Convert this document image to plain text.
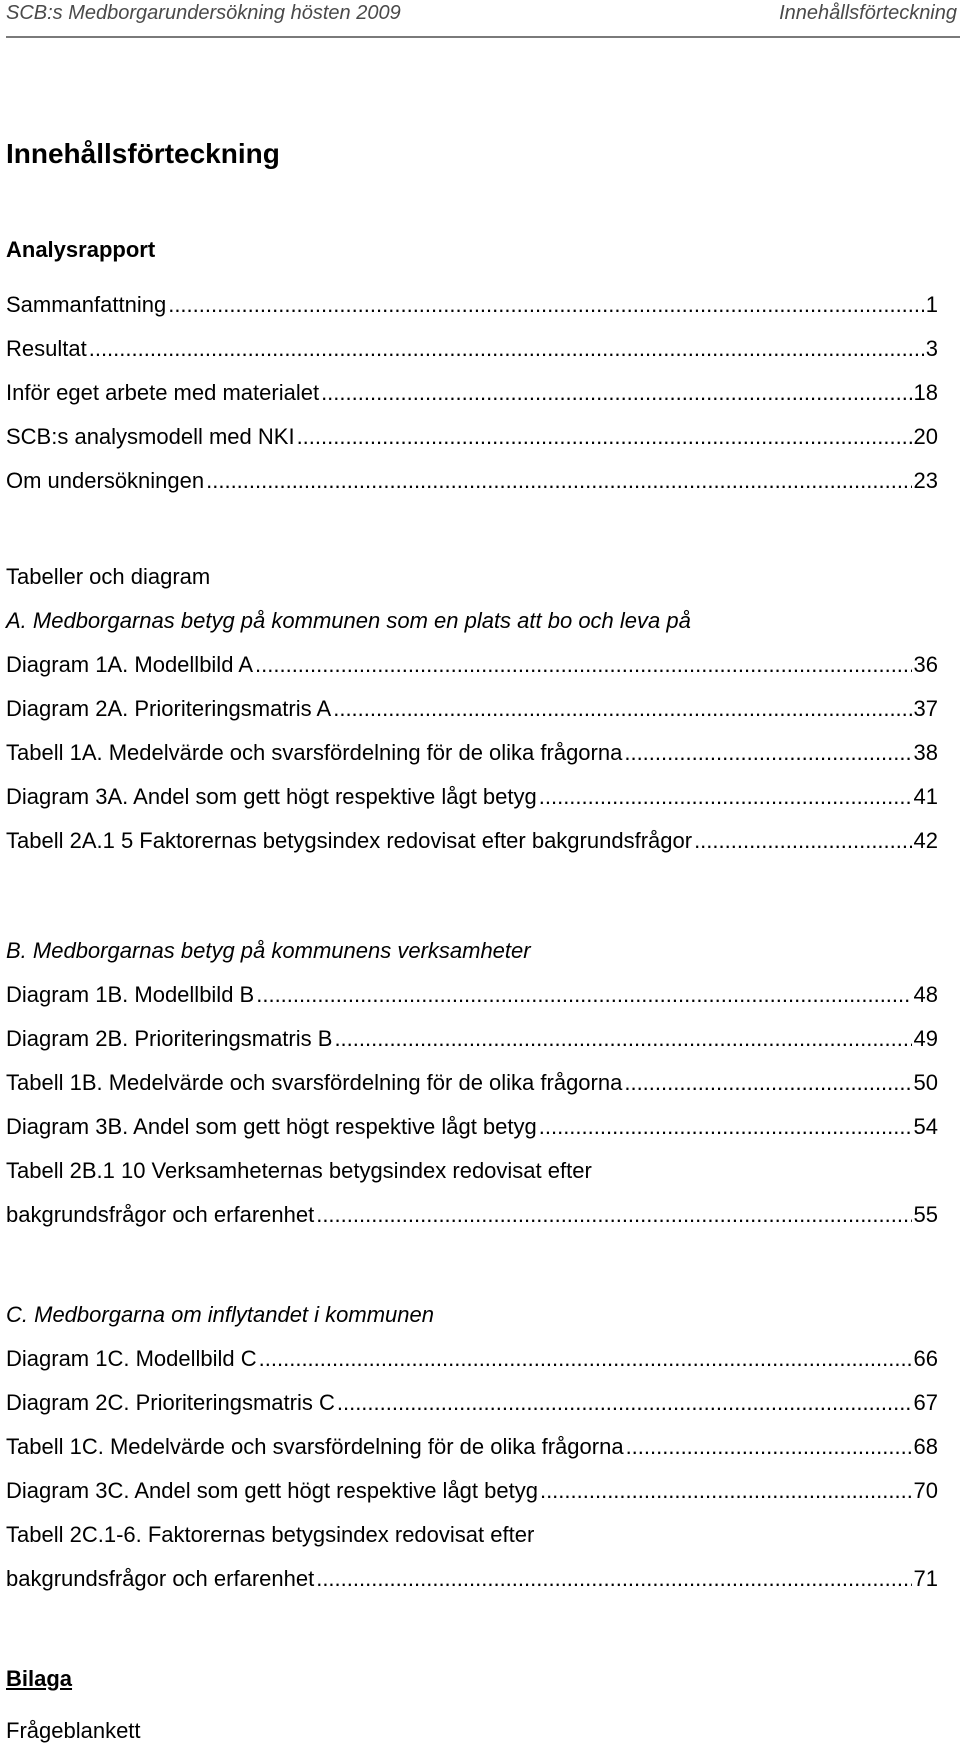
SCB:s Medborgarundersökning hösten 2009	Innehållsförteckning
Innehållsförteckning
Analysrapport
Sammanfattning .....	1
Resultat .....	3
Inför eget arbete med materialet .....	18
SCB:s analysmodell med NKI .....	20
Om undersökningen .....	23
Tabeller och diagram
A. Medborgarnas betyg på kommunen som en plats att bo och leva på
Diagram 1A. Modellbild A .....	36
Diagram 2A. Prioriteringsmatris A .....	37
Tabell 1A. Medelvärde och svarsfördelning för de olika frågorna .....	38
Diagram 3A. Andel som gett högt respektive lågt betyg .....	41
Tabell 2A.1 5 Faktorernas betygsindex redovisat efter bakgrundsfrågor .....	42
B. Medborgarnas betyg på kommunens verksamheter
Diagram 1B. Modellbild B .....	48
Diagram 2B. Prioriteringsmatris B .....	49
Tabell 1B. Medelvärde och svarsfördelning för de olika frågorna .....	50
Diagram 3B. Andel som gett högt respektive lågt betyg .....	54
Tabell 2B.1 10 Verksamheternas betygsindex redovisat efter
bakgrundsfrågor och erfarenhet .....	55
C. Medborgarna om inflytandet i kommunen
Diagram 1C. Modellbild C .....	66
Diagram 2C. Prioriteringsmatris C .....	67
Tabell 1C. Medelvärde och svarsfördelning för de olika frågorna .....	68
Diagram 3C. Andel som gett högt respektive lågt betyg .....	70
Tabell 2C.1-6. Faktorernas betygsindex redovisat efter
bakgrundsfrågor och erfarenhet .....	71
Bilaga
Frågeblankett
